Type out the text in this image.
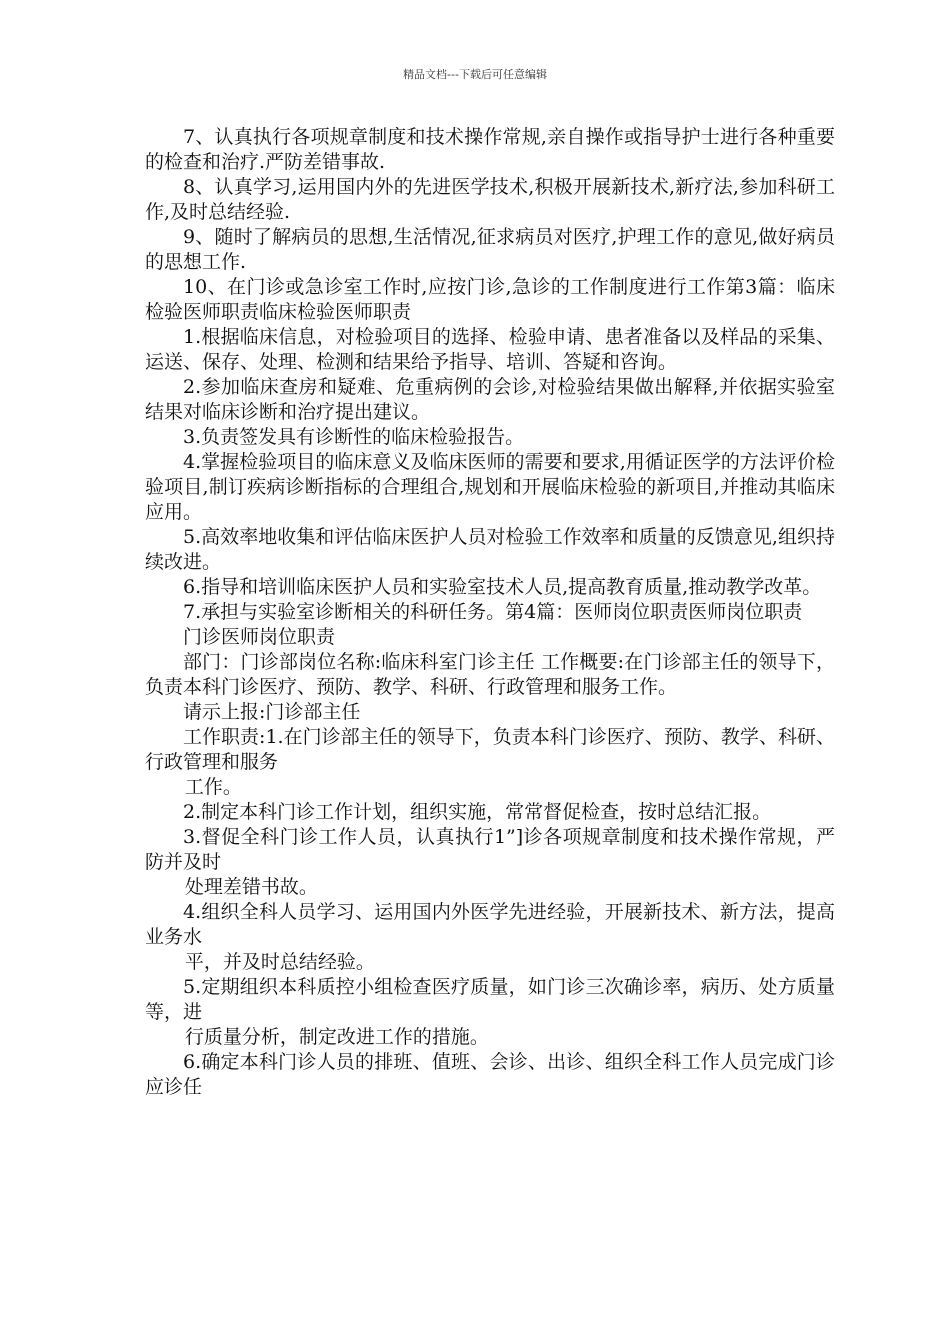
精品文档---下载后可任意编辑

7、认真执行各项规章制度和技术操作常规,亲自操作或指导护士进行各种重要的检查和治疗.严防差错事故.

8、认真学习,运用国内外的先进医学技术,积极开展新技术,新疗法,参加科研工作,及时总结经验.

9、随时了解病员的思想,生活情况,征求病员对医疗,护理工作的意见,做好病员的思想工作.

10、在门诊或急诊室工作时,应按门诊,急诊的工作制度进行工作第3篇：临床检验医师职责临床检验医师职责

1.根据临床信息，对检验项目的选择、检验申请、患者准备以及样品的采集、运送、保存、处理、检测和结果给予指导、培训、答疑和咨询。

2.参加临床查房和疑难、危重病例的会诊,对检验结果做出解释,并依据实验室结果对临床诊断和治疗提出建议。

3.负责签发具有诊断性的临床检验报告。

4.掌握检验项目的临床意义及临床医师的需要和要求,用循证医学的方法评价检验项目,制订疾病诊断指标的合理组合,规划和开展临床检验的新项目,并推动其临床应用。

5.高效率地收集和评估临床医护人员对检验工作效率和质量的反馈意见,组织持续改进。

6.指导和培训临床医护人员和实验室技术人员,提高教育质量,推动教学改革。

7.承担与实验室诊断相关的科研任务。第4篇：医师岗位职责医师岗位职责

门诊医师岗位职责

部门：门诊部岗位名称:临床科室门诊主任 工作概要:在门诊部主任的领导下，负责本科门诊医疗、预防、教学、科研、行政管理和服务工作。

请示上报:门诊部主任

工作职责:1.在门诊部主任的领导下，负责本科门诊医疗、预防、教学、科研、行政管理和服务

工作。

2.制定本科门诊工作计划，组织实施，常常督促检查，按时总结汇报。

3.督促全科门诊工作人员，认真执行1”]诊各项规章制度和技术操作常规，严防并及时

处理差错书故。

4.组织全科人员学习、运用国内外医学先进经验，开展新技术、新方法，提高业务水

平，并及时总结经验。

5.定期组织本科质控小组检查医疗质量，如门诊三次确诊率，病历、处方质量等，进

行质量分析，制定改进工作的措施。

6.确定本科门诊人员的排班、值班、会诊、出诊、组织全科工作人员完成门诊应诊任
